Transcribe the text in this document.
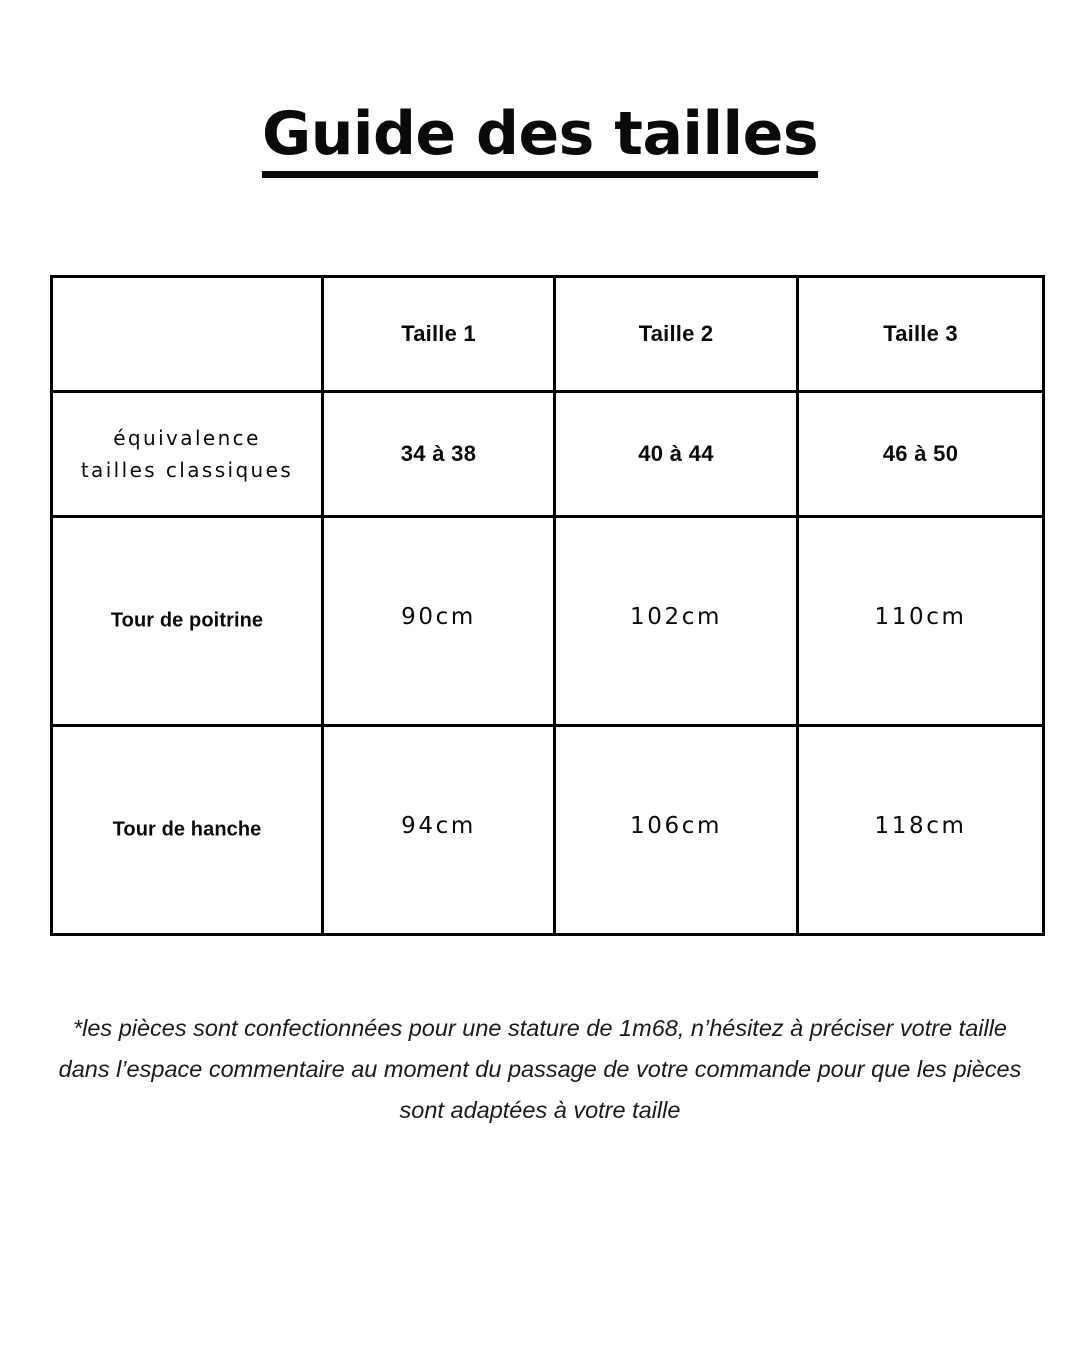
Guide des tailles
	Taille 1	Taille 2	Taille 3

équivalence
tailles classiques	34 à 38	40 à 44	46 à 50

Tour de poitrine	90cm	102cm	110cm

Tour de hanche	94cm	106cm	118cm
*les pièces sont confectionnées pour une stature de 1m68, n’hésitez à préciser votre taille
dans l’espace commentaire au moment du passage de votre commande pour que les pièces
sont adaptées à votre taille
